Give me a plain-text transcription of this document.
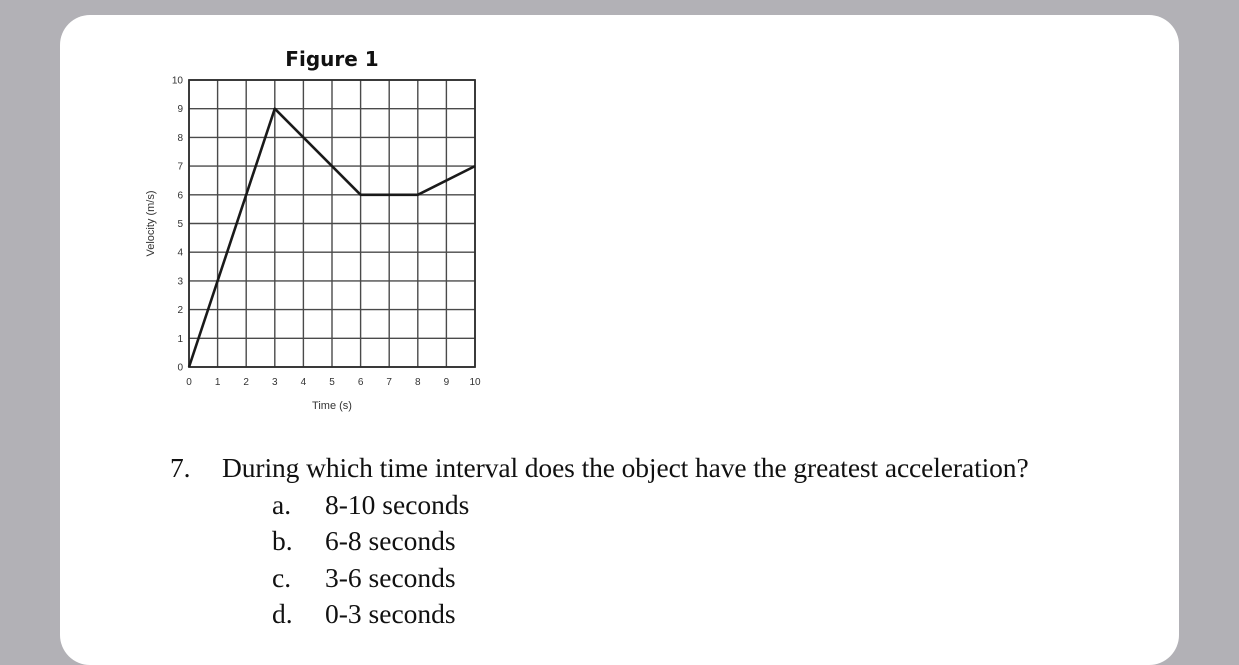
0 1 2 3 4 5 6 7 8 9 10
0
1
2
3
4
5
6
7
8
9
10
Figure 1
Time (s)
Velocity (m/s)
7. During which time interval does the object have the greatest acceleration?
a. 8-10 seconds
b. 6-8 seconds
c. 3-6 seconds
d. 0-3 seconds
